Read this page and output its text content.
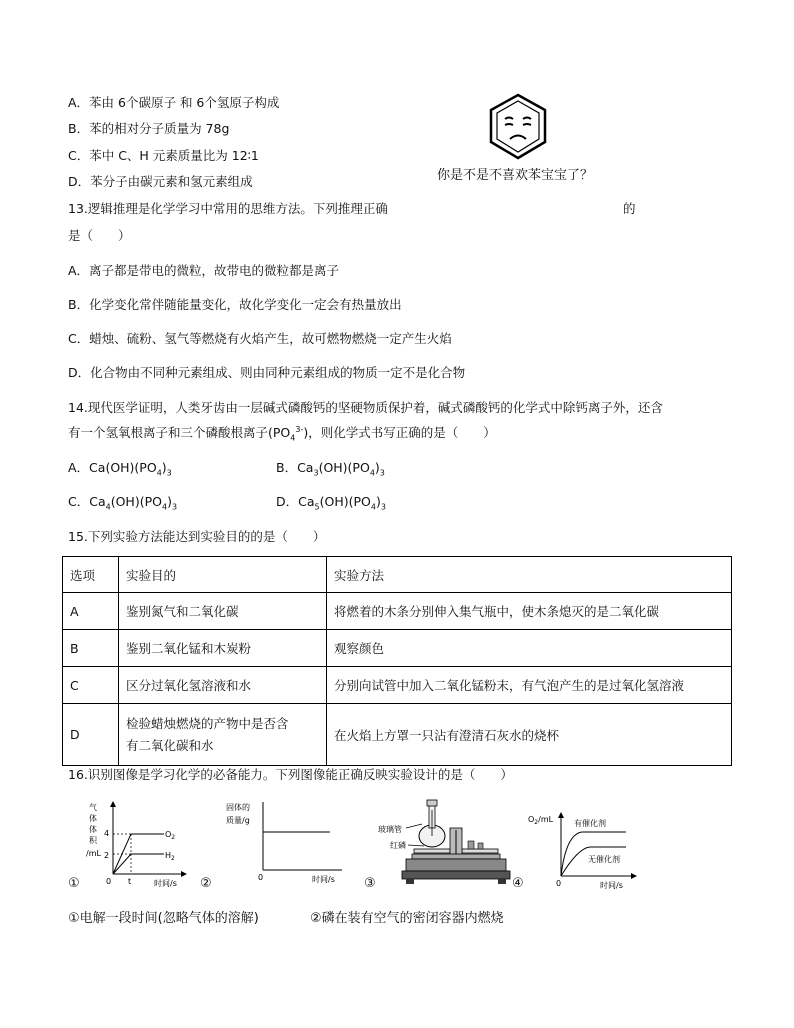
A．苯由 6个碳原子 和 6个氢原子构成
B．苯的相对分子质量为 78g
C．苯中 C、H 元素质量比为 12∶1
D．苯分子由碳元素和氢元素组成	你是不是不喜欢苯宝宝了？
13.逻辑推理是化学学习中常用的思维方法。下列推理正确	的
是（　　）
A．离子都是带电的微粒，故带电的微粒都是离子
B．化学变化常伴随能量变化，故化学变化一定会有热量放出
C．蜡烛、硫粉、氢气等燃烧有火焰产生，故可燃物燃烧一定产生火焰
D．化合物由不同种元素组成、则由同种元素组成的物质一定不是化合物
14.现代医学证明，人类牙齿由一层碱式磷酸钙的坚硬物质保护着，碱式磷酸钙的化学式中除钙离子外，还含
有一个氢氧根离子和三个磷酸根离子$(PO_4^{3-})$，则化学式书写正确的是（　　）
A．$Ca(OH)(PO_4)_3$	B．$Ca_3(OH)(PO_4)_3$
C．$Ca_4(OH)(PO_4)_3$	D．$Ca_5(OH)(PO_4)_3$
15.下列实验方法能达到实验目的的是（　　）
选项	实验目的	实验方法
A	鉴别氮气和二氧化碳	将燃着的木条分别伸入集气瓶中，使木条熄灭的是二氧化碳
B	鉴别二氧化锰和木炭粉	观察颜色
C	区分过氧化氢溶液和水	分别向试管中加入二氧化锰粉末，有气泡产生的是过氧化氢溶液
D	检验蜡烛燃烧的产物中是否含
有二氧化碳和水	在火焰上方罩一只沾有澄清石灰水的烧杯
16.识别图像是学习化学的必备能力。下列图像能正确反映实验设计的是（　　）
①
气
体
体
积
/mL
4
2
0 t	时间/s
$O_2$
$H_2$
②
固体的
质量/g
0	时间/s ③
玻璃管
红磷
④
$O_2/mL$	有催化剂
无催化剂
0	时间/s
①电解一段时间(忽略气体的溶解)	②磷在装有空气的密闭容器内燃烧
